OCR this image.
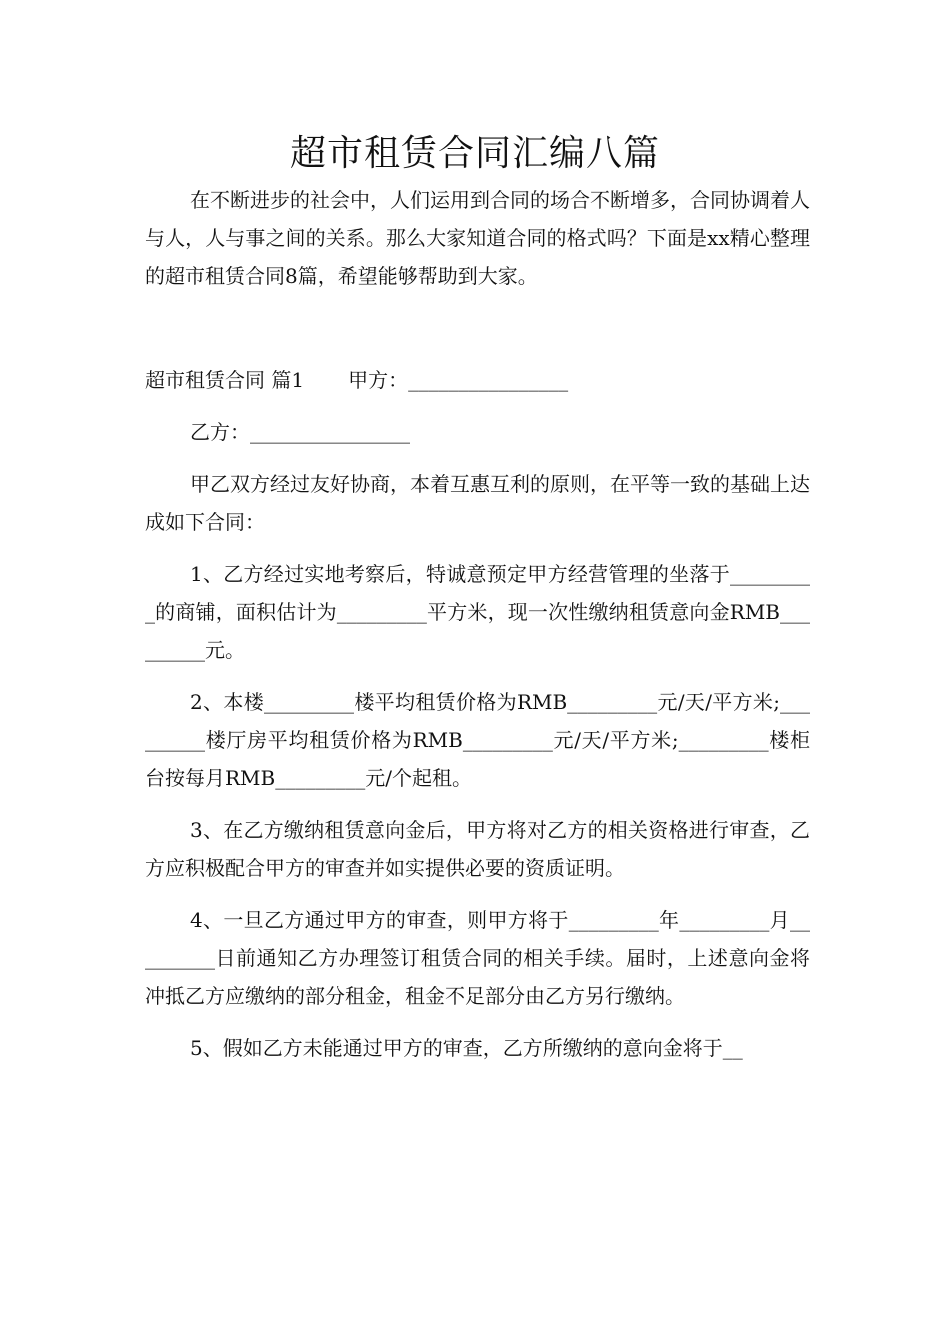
超市租赁合同汇编八篇

在不断进步的社会中，人们运用到合同的场合不断增多，合同协调着人与人，人与事之间的关系。那么大家知道合同的格式吗？下面是xx精心整理的超市租赁合同8篇，希望能够帮助到大家。

超市租赁合同 篇1 甲方：________________

乙方：________________

甲乙双方经过友好协商，本着互惠互利的原则，在平等一致的基础上达成如下合同：

1、乙方经过实地考察后，特诚意预定甲方经营管理的坐落于_________的商铺，面积估计为_________平方米，现一次性缴纳租赁意向金RMB_________元。

2、本楼_________楼平均租赁价格为RMB_________元/天/平方米;_________楼厅房平均租赁价格为RMB_________元/天/平方米;_________楼柜台按每月RMB_________元/个起租。

3、在乙方缴纳租赁意向金后，甲方将对乙方的相关资格进行审查，乙方应积极配合甲方的审查并如实提供必要的资质证明。

4、一旦乙方通过甲方的审查，则甲方将于_________年_________月_________日前通知乙方办理签订租赁合同的相关手续。届时，上述意向金将冲抵乙方应缴纳的部分租金，租金不足部分由乙方另行缴纳。

5、假如乙方未能通过甲方的审查，乙方所缴纳的意向金将于__
